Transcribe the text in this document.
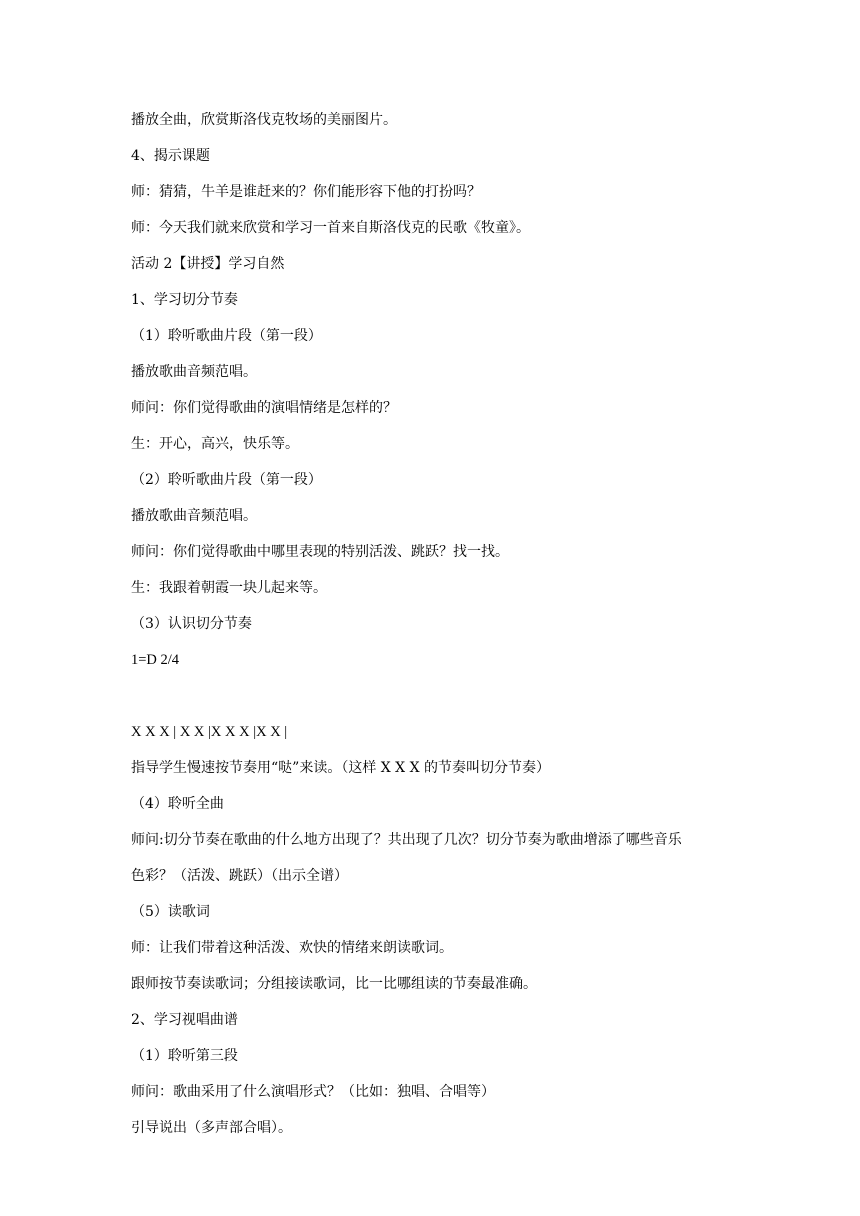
播放全曲，欣赏斯洛伐克牧场的美丽图片。
4、揭示课题
师：猜猜，牛羊是谁赶来的？你们能形容下他的打扮吗？
师：今天我们就来欣赏和学习一首来自斯洛伐克的民歌《牧童》。
活动 2【讲授】学习自然
1、学习切分节奏
（1）聆听歌曲片段（第一段）
播放歌曲音频范唱。
师问：你们觉得歌曲的演唱情绪是怎样的？
生：开心，高兴，快乐等。
（2）聆听歌曲片段（第一段）
播放歌曲音频范唱。
师问：你们觉得歌曲中哪里表现的特别活泼、跳跃？找一找。
生：我跟着朝霞一块儿起来等。
（3）认识切分节奏
1=D 2/4
X X X | X X |X X X |X X |
指导学生慢速按节奏用“哒”来读。（这样 X X X 的节奏叫切分节奏）
（4）聆听全曲
师问:切分节奏在歌曲的什么地方出现了？共出现了几次？切分节奏为歌曲增添了哪些音乐
色彩？（活泼、跳跃）（出示全谱）
（5）读歌词
师：让我们带着这种活泼、欢快的情绪来朗读歌词。
跟师按节奏读歌词；分组接读歌词，比一比哪组读的节奏最准确。
2、学习视唱曲谱
（1）聆听第三段
师问：歌曲采用了什么演唱形式？（比如：独唱、合唱等）
引导说出（多声部合唱）。
